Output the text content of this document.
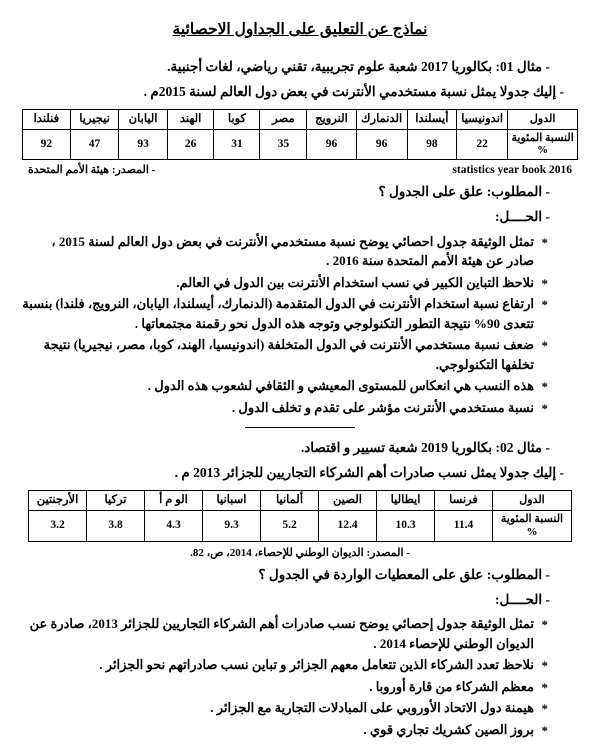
نماذج عن التعليق على الجداول الاحصائية
- مثال 01: بكالوريا 2017 شعبة علوم تجريبية، تقني رياضي، لغات أجنبية.
- إليك جدولا يمثل نسبة مستخدمي الأنترنت في بعض دول العالم لسنة 2015م .
الدول	اندونيسيا	أيسلندا	الدنمارك	النرويج	مصر	كوبا	الهند	اليابان	نيجيريا	فنلندا
النسبة المئوية %	22	98	96	96	35	31	26	93	47	92
statistics year book 2016
- المصدر: هيئة الأمم المتحدة
- المطلوب: علق على الجدول ؟
- الحــــل:
* تمثل الوثيقة جدول احصائي يوضح نسبة مستخدمي الأنترنت في بعض دول العالم لسنة 2015 ، صادر عن هيئة الأمم المتحدة سنة 2016 .
* نلاحظ التباين الكبير في نسب استخدام الأنترنت بين الدول في العالم.
* ارتفاع نسبة استخدام الأنترنت في الدول المتقدمة (الدنمارك، أيسلندا، اليابان، النرويج، فلندا) بنسبة تتعدى 90% نتيجة التطور التكنولوجي وتوجه هذه الدول نحو رقمنة مجتمعاتها .
* ضعف نسبة مستخدمي الأنترنت في الدول المتخلفة (اندونيسيا، الهند، كوبا، مصر، نيجيريا) نتيجة تخلفها التكنولوجي.
* هذه النسب هي انعكاس للمستوى المعيشي و الثقافي لشعوب هذه الدول .
* نسبة مستخدمي الأنترنت مؤشر على تقدم و تخلف الدول .
- مثال 02: بكالوريا 2019 شعبة تسيير و اقتصاد.
- إليك جدولا يمثل نسب صادرات أهم الشركاء التجاريين للجزائر 2013 م .
الدول	فرنسا	ايطاليا	الصين	ألمانيا	اسبانيا	الو م أ	تركيا	الأرجنتين
النسبة المئوية %	11.4	10.3	12.4	5.2	9.3	4.3	3.8	3.2
- المصدر: الديوان الوطني للإحصاء، 2014، ص، 82.
- المطلوب: علق على المعطيات الواردة في الجدول ؟
- الحــــل:
* تمثل الوثيقة جدول إحصائي يوضح نسب صادرات أهم الشركاء التجاريين للجزائر 2013، صادرة عن الديوان الوطني للإحصاء 2014 .
* نلاحظ تعدد الشركاء الذين تتعامل معهم الجزائر و تباين نسب صادراتهم نحو الجزائر .
* معظم الشركاء من قارة أوروبا .
* هيمنة دول الاتحاد الأوروبي على المبادلات التجارية مع الجزائر .
* بروز الصين كشريك تجاري قوي .
